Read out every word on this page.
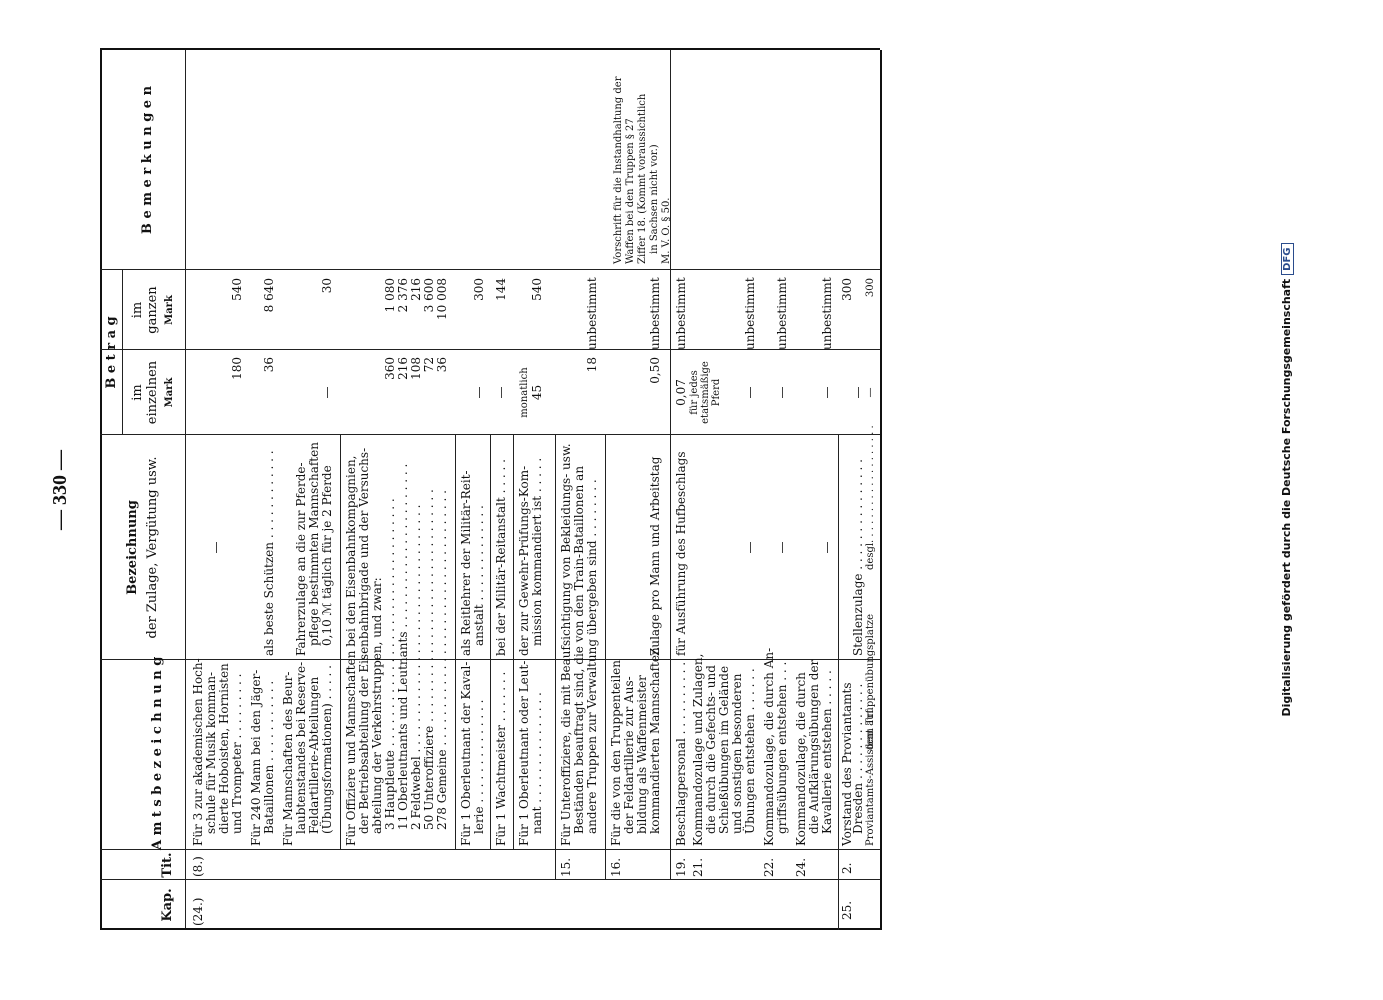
— 330 —	Digitalisierung gefördert durch die Deutsche ForschungsgemeinschaftDFG
Kap.
Tit.
A m t s b e z e i c h n u n g
Bezeichnung der Zulage, Vergütung usw.
B e t r a g
im einzelnen Mark
im ganzen Mark
B e m e r k u n g e n
(24.)
(8.)
Für 3 zur akademischen Hoch- schule für Musik komman- dierte Hoboisten, Hornisten und Trompeter . . . . . . . . .
—
180
540
Für 240 Mann bei den Jäger- Bataillonen . . . . . . . . . . .
als beste Schützen . . . . . . . . . . . .
36
8 640
Für Mannschaften des Beur- laubtenstandes bei Reserve- Feldartillerie-Abteilungen (Übungsformationen) . . . . .
Fahrerzulage an die zur Pferde- pflege bestimmten Mannschaften 0,10 ℳ täglich für je 2 Pferde
—
30
Für Offiziere und Mannschaften bei den Eisenbahnkompagnien, der Betriebsabteilung der Eisenbahnbrigade und der Versuchs- abteilung der Verkehrstruppen, und zwar: 3 Hauptleute . . . . . . . . . . . . . . . . . . . . . . . . . . . . . . . . . 11 Oberleutnants und Leutnants . . . . . . . . . . . . . . . . . . . . . . 2 Feldwebel . . . . . . . . . . . . . . . . . . . . . . . . . . . . . . . . . 50 Unteroffiziere . . . . . . . . . . . . . . . . . . . . . . . . . . . . . . . 278 Gemeine . . . . . . . . . . . . . . . . . . . . . . . . . . . . . . . . . .
360 216 108 72 36
1 080 2 376 216 3 600 10 008
Für 1 Oberleutnant der Kaval- lerie . . . . . . . . . . . . . .
als Reitlehrer der Militär-Reit- anstalt . . . . . . . . . . . . .
—
300
Für 1 Wachtmeister . . . . . . .
bei der Militär-Reitanstalt . . . . .
—
144
Für 1 Oberleutnant oder Leut- nant . . . . . . . . . . . . . . .
der zur Gewehr-Prüfungs-Kom- mission kommandiert ist . . . . .
monatlich 45
540
15.
Für Unteroffiziere, die mit Beaufsichtigung von Bekleidungs- usw. Beständen beauftragt sind, die von den Train-Bataillonen an andere Truppen zur Verwaltung übergeben sind . . . . . . . .
18
unbestimmt
16.
Für die von den Truppenteilen der Feldartillerie zur Aus- bildung als Waffenmeister kommandierten Mannschaften
Zulage pro Mann und Arbeitstag
0,50
unbestimmt
Vorschrift für die Instandhaltung der Waffen bei den Truppen § 27 Ziffer 18. (Kommt voraussichtlich in Sachsen nicht vor.) M. V. O. § 50.
19.
Beschlagpersonal . . . . . . . . . .
für Ausführung des Hufbeschlags
0,07 für jedes etatsmäßige Pferd
unbestimmt
21.
Kommandozulage und Zulagen, die durch die Gefechts- und Schießübungen im Gelände und sonstigen besonderen Übungen entstehen . . . . . .
—
—
unbestimmt
22.
Kommandozulage, die durch An- griffsübungen entstehen . . .
—
—
unbestimmt
24.
Kommandozulage, die durch die Aufklärungsübungen der Kavallerie entstehen . . . . .
—
—
unbestimmt
25.
2.
Vorstand des Proviantamts
Dresden . . . . . . . . . . . . .
Stellenzulage . . . . . . . . . . . . . . .
—
300
Proviantamts-Assistent auf
dem Truppenübungsplatze
desgl. . . . . . . . . . . . . . . . . . .
—
300
